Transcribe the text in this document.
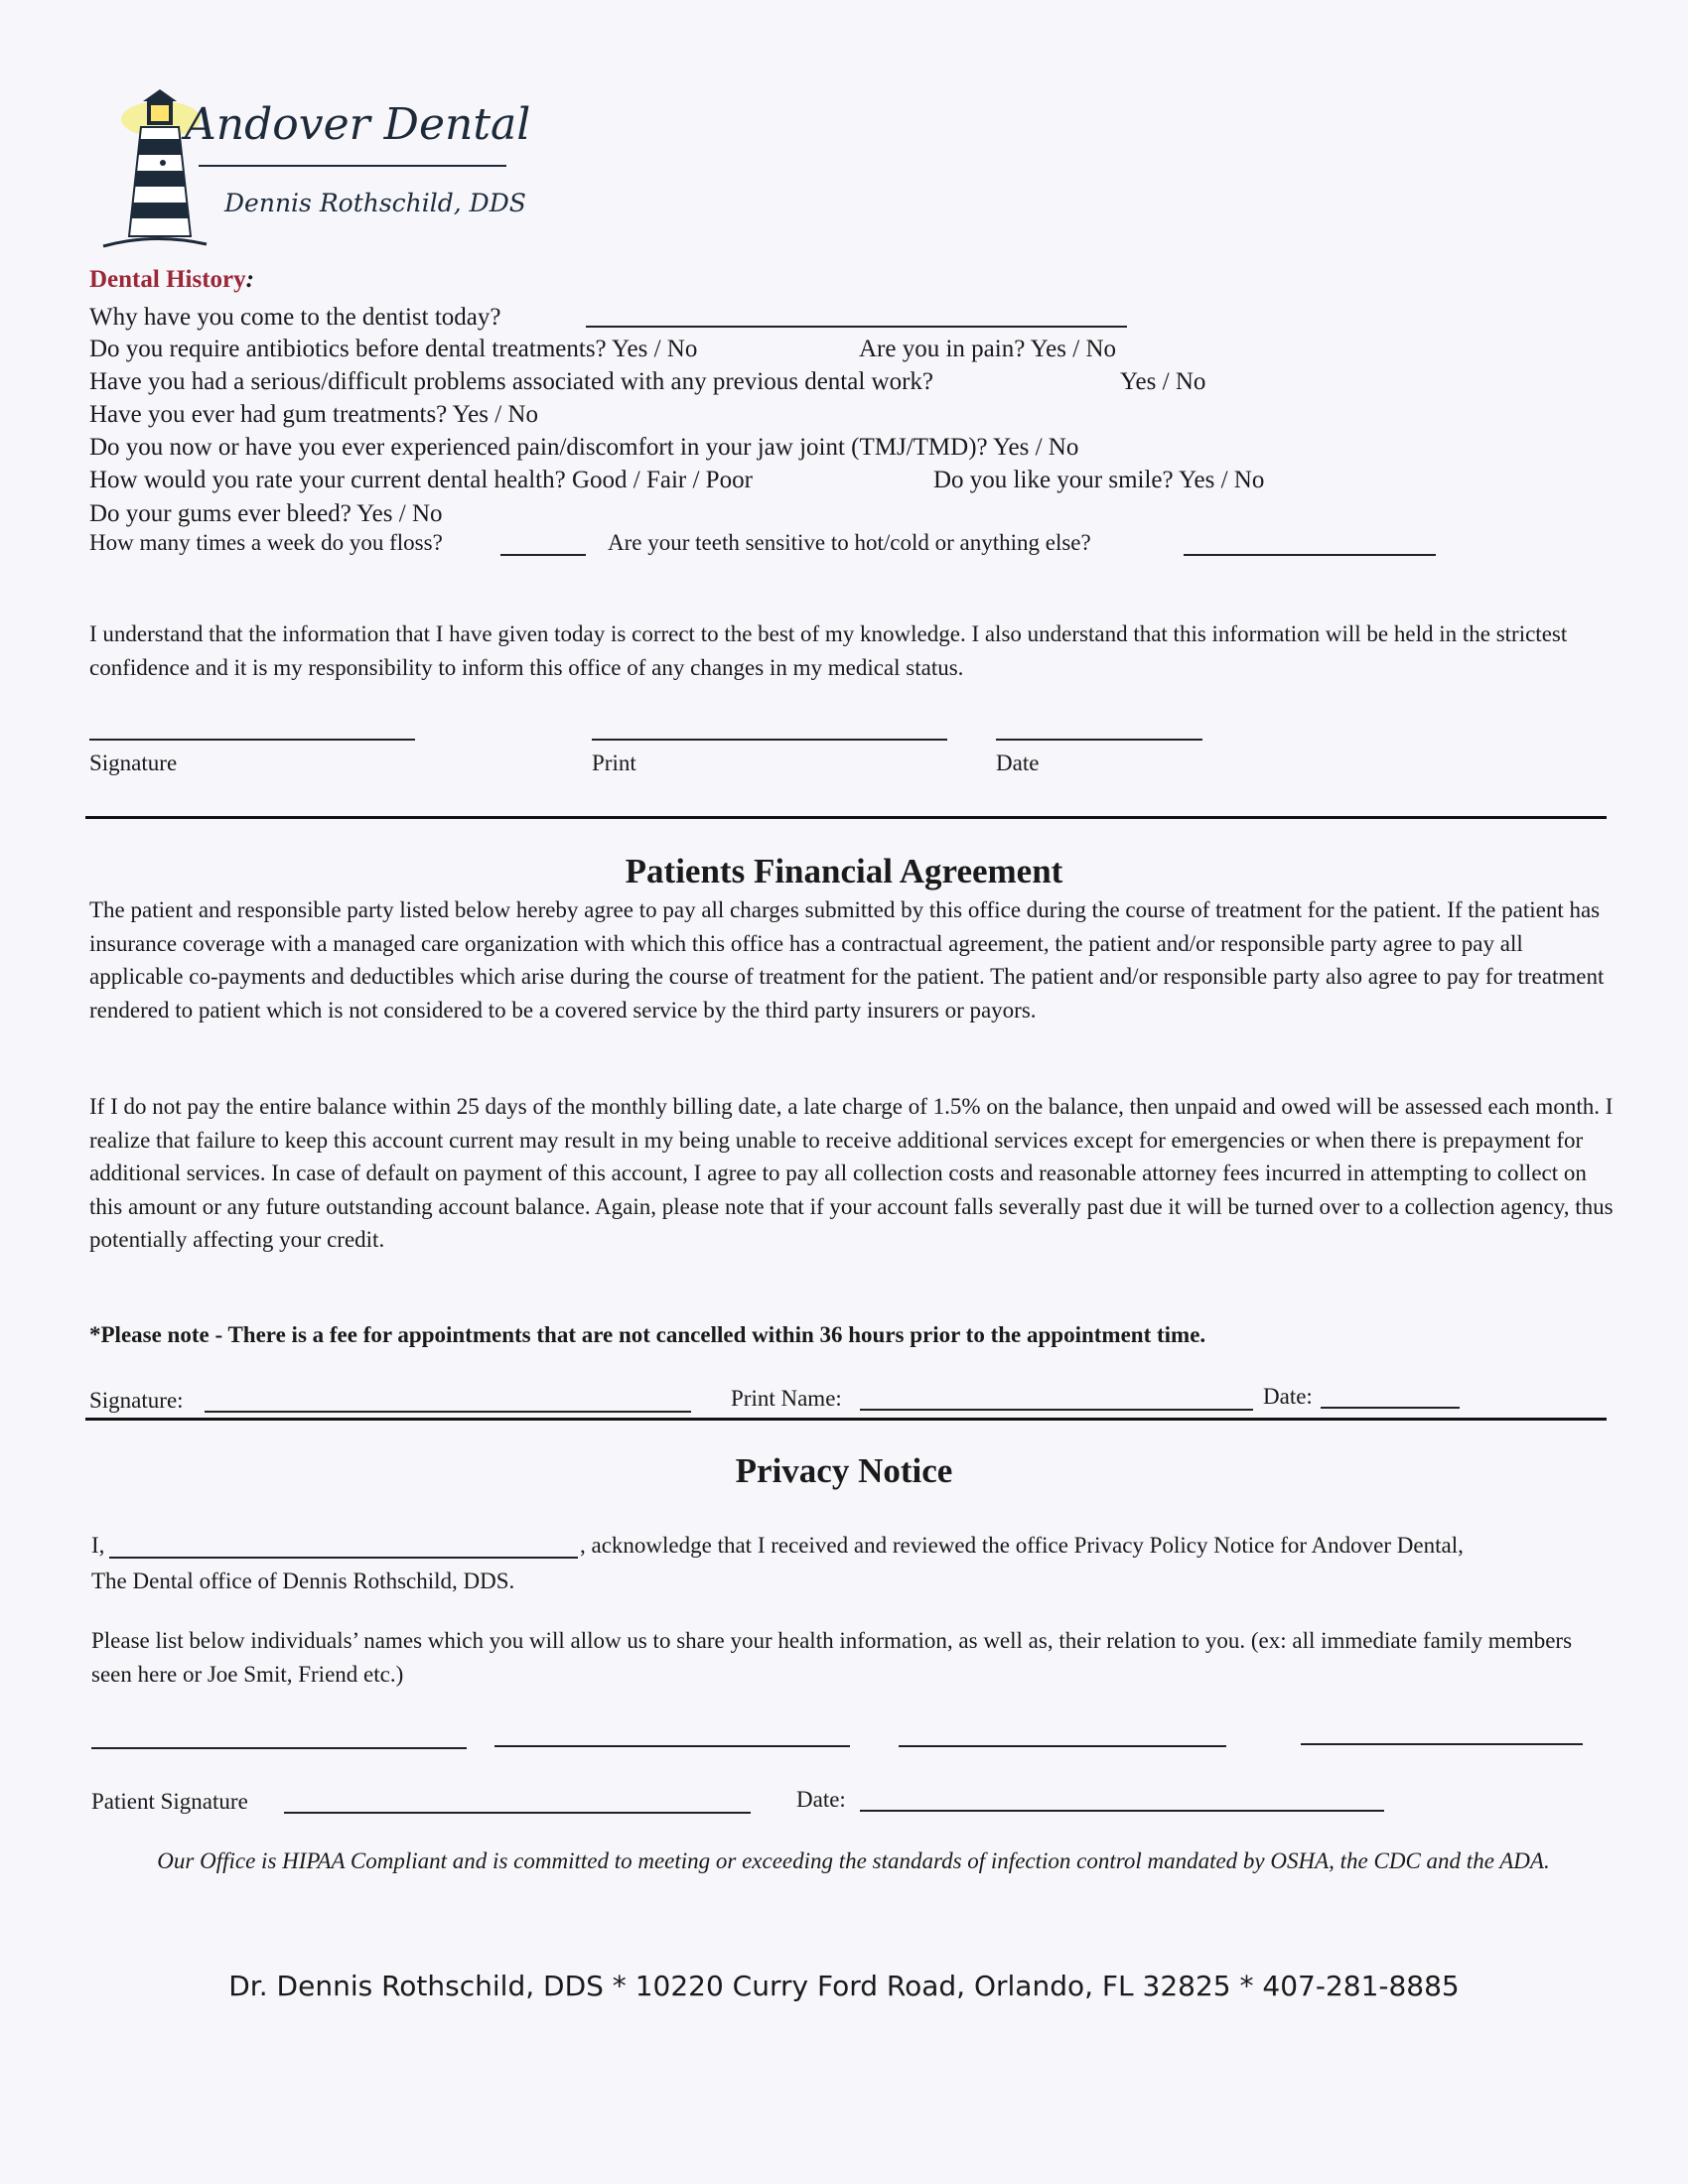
Andover Dental
Dennis Rothschild, DDS
Dental History:
Why have you come to the dentist today?
Do you require antibiotics before dental treatments? Yes / No	Are you in pain? Yes / No
Have you had a serious/difficult problems associated with any previous dental work?	Yes / No
Have you ever had gum treatments? Yes / No
Do you now or have you ever experienced pain/discomfort in your jaw joint (TMJ/TMD)? Yes / No
How would you rate your current dental health? Good / Fair / Poor	Do you like your smile? Yes / No
Do your gums ever bleed? Yes / No
How many times a week do you floss?	Are your teeth sensitive to hot/cold or anything else?
I understand that the information that I have given today is correct to the best of my knowledge. I also understand that this information will be held in the strictest confidence and it is my responsibility to inform this office of any changes in my medical status.
Signature	Print	Date
Patients Financial Agreement
The patient and responsible party listed below hereby agree to pay all charges submitted by this office during the course of treatment for the patient. If the patient has insurance coverage with a managed care organization with which this office has a contractual agreement, the patient and/or responsible party agree to pay all applicable co-payments and deductibles which arise during the course of treatment for the patient. The patient and/or responsible party also agree to pay for treatment rendered to patient which is not considered to be a covered service by the third party insurers or payors.
If I do not pay the entire balance within 25 days of the monthly billing date, a late charge of 1.5% on the balance, then unpaid and owed will be assessed each month. I realize that failure to keep this account current may result in my being unable to receive additional services except for emergencies or when there is prepayment for additional services. In case of default on payment of this account, I agree to pay all collection costs and reasonable attorney fees incurred in attempting to collect on this amount or any future outstanding account balance. Again, please note that if your account falls severally past due it will be turned over to a collection agency, thus potentially affecting your credit.
*Please note - There is a fee for appointments that are not cancelled within 36 hours prior to the appointment time.
Signature:	Print Name:	Date:
Privacy Notice
I,	, acknowledge that I received and reviewed the office Privacy Policy Notice for Andover Dental,
The Dental office of Dennis Rothschild, DDS.
Please list below individuals’ names which you will allow us to share your health information, as well as, their relation to you. (ex: all immediate family members seen here or Joe Smit, Friend etc.)
Patient Signature	Date:
Our Office is HIPAA Compliant and is committed to meeting or exceeding the standards of infection control mandated by OSHA, the CDC and the ADA.
Dr. Dennis Rothschild, DDS * 10220 Curry Ford Road, Orlando, FL 32825 * 407-281-8885
